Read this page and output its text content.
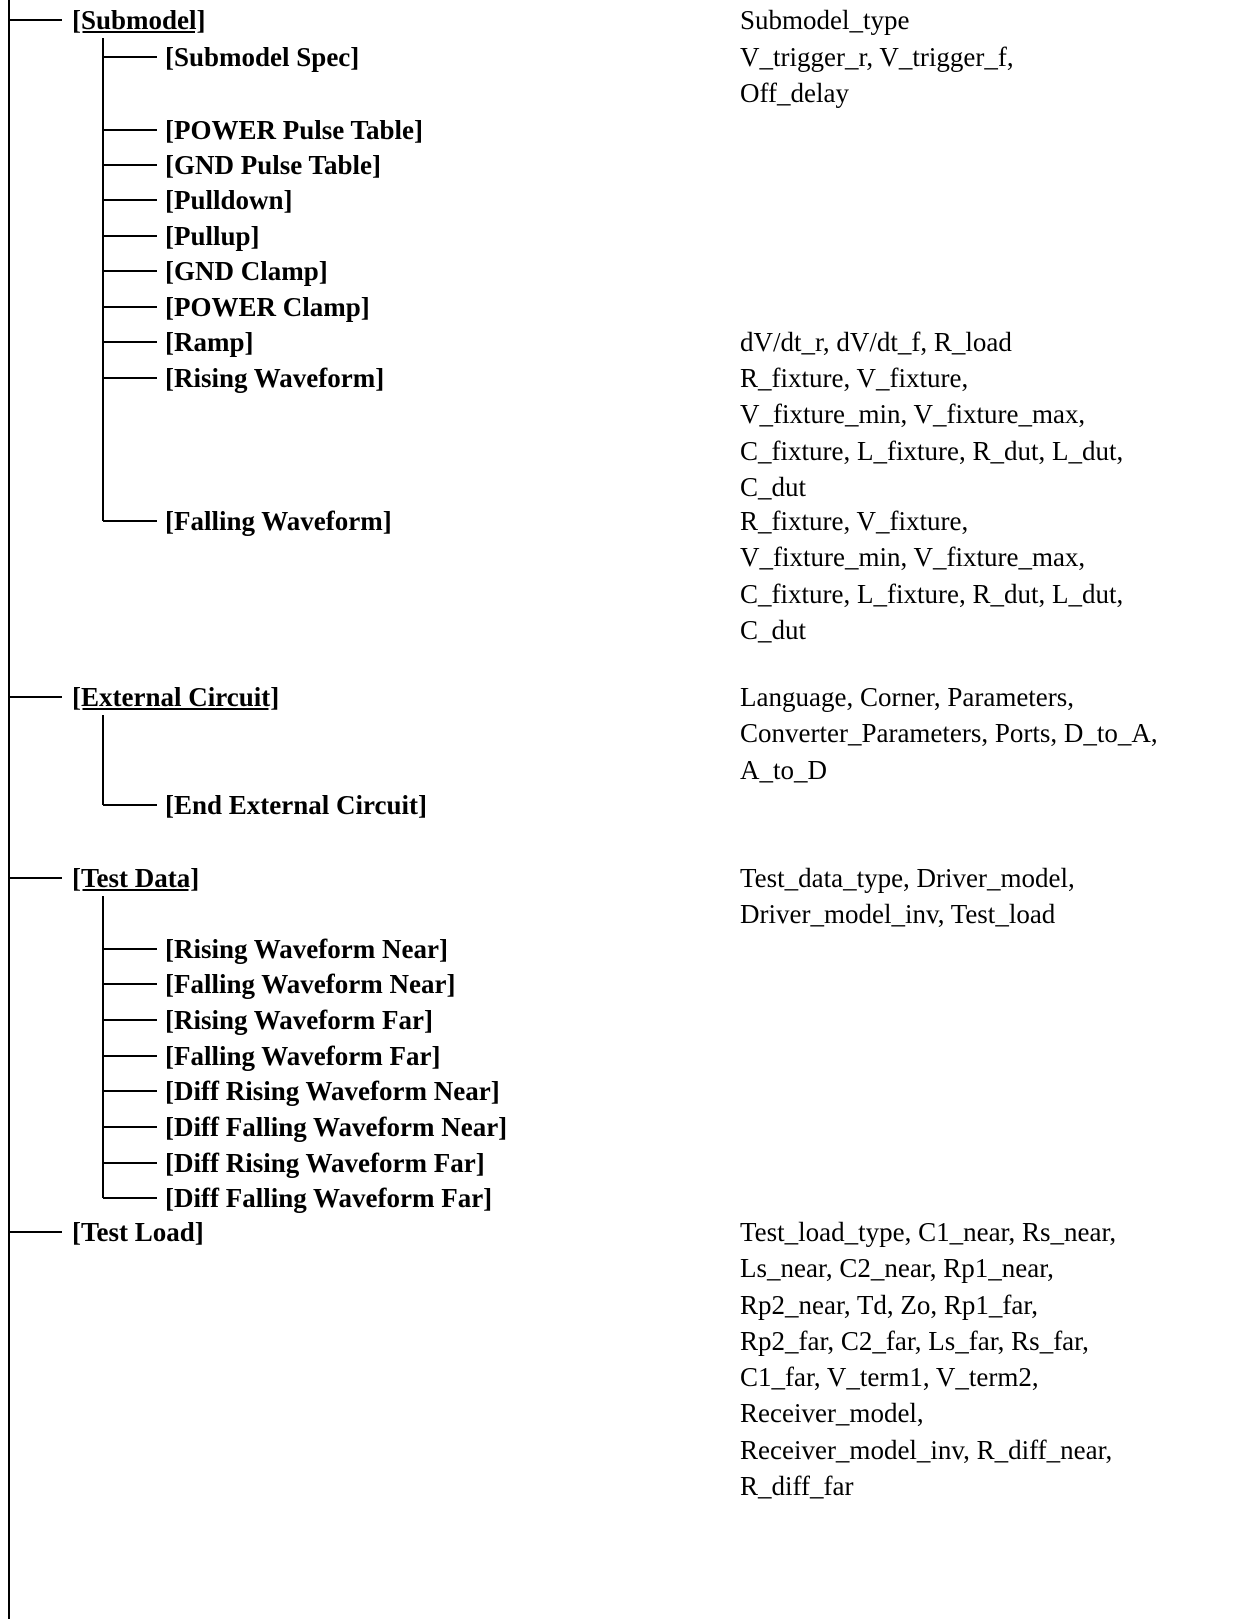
[Submodel]	Submodel_type
[Submodel Spec]	V_trigger_r, V_trigger_f,
Off_delay
[POWER Pulse Table]
[GND Pulse Table]
[Pulldown]
[Pullup]
[GND Clamp]
[POWER Clamp]
[Ramp]	dV/dt_r, dV/dt_f, R_load
[Rising Waveform]	R_fixture, V_fixture,
V_fixture_min, V_fixture_max,
C_fixture, L_fixture, R_dut, L_dut,
C_dut
[Falling Waveform]	R_fixture, V_fixture,
V_fixture_min, V_fixture_max,
C_fixture, L_fixture, R_dut, L_dut,
C_dut
[External Circuit]	Language, Corner, Parameters,
Converter_Parameters, Ports, D_to_A,
A_to_D
[End External Circuit]
[Test Data]	Test_data_type, Driver_model,
Driver_model_inv, Test_load
[Rising Waveform Near]
[Falling Waveform Near]
[Rising Waveform Far]
[Falling Waveform Far]
[Diff Rising Waveform Near]
[Diff Falling Waveform Near]
[Diff Rising Waveform Far]
[Diff Falling Waveform Far]
[Test Load]	Test_load_type, C1_near, Rs_near,
Ls_near, C2_near, Rp1_near,
Rp2_near, Td, Zo, Rp1_far,
Rp2_far, C2_far, Ls_far, Rs_far,
C1_far, V_term1, V_term2,
Receiver_model,
Receiver_model_inv, R_diff_near,
R_diff_far
